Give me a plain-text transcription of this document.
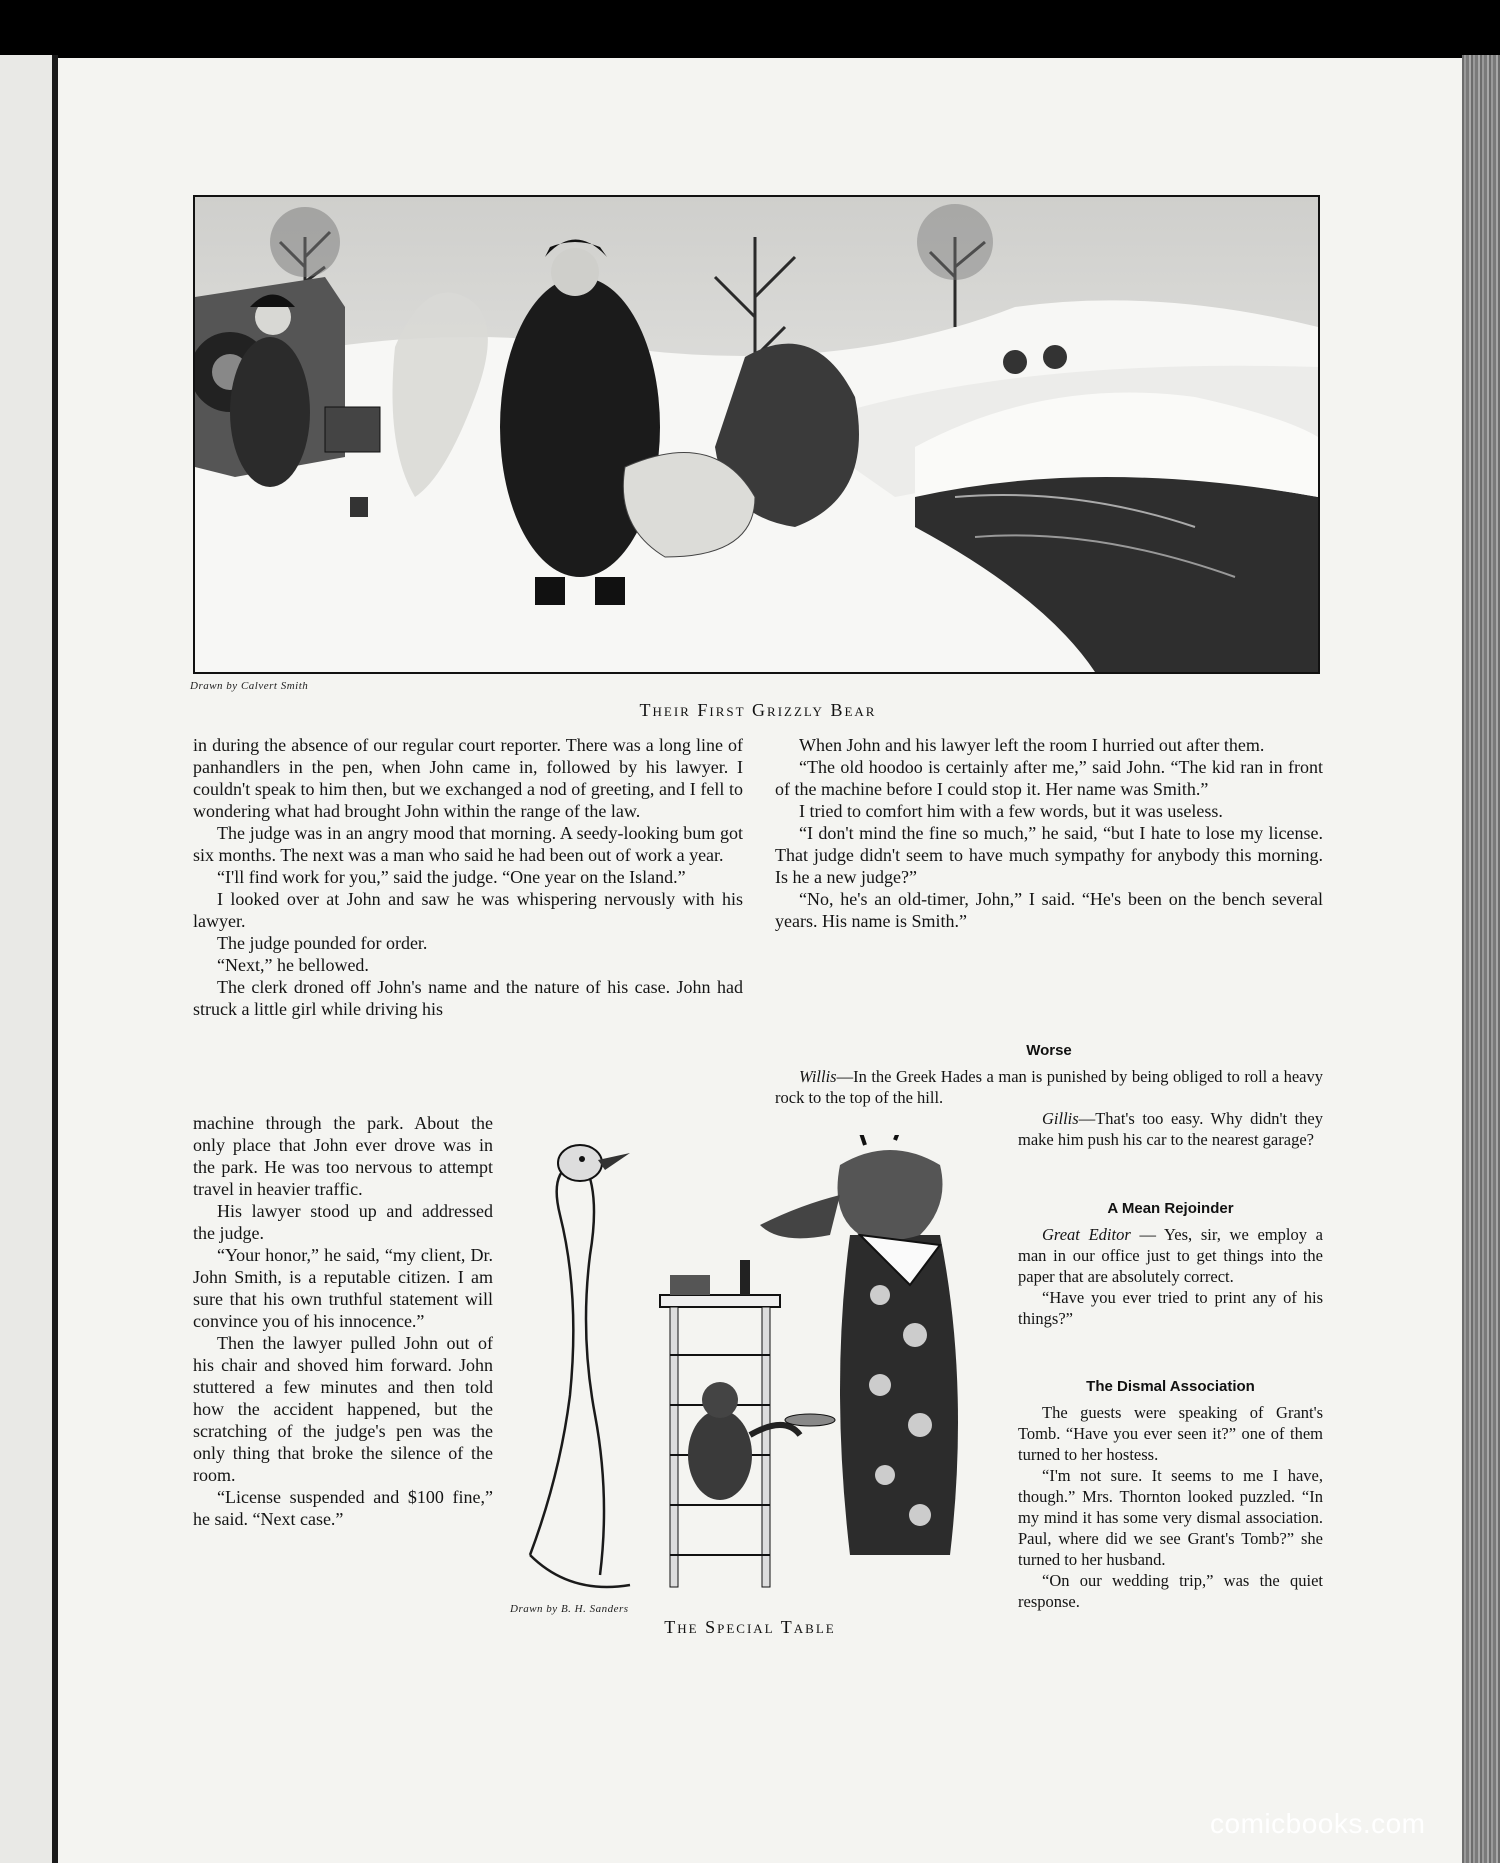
Drawn by Calvert Smith
Their First Grizzly Bear

in during the absence of our regular court reporter. There was a long line of panhandlers in the pen, when John came in, followed by his lawyer. I couldn't speak to him then, but we exchanged a nod of greeting, and I fell to wondering what had brought John within the range of the law.

The judge was in an angry mood that morning. A seedy-looking bum got six months. The next was a man who said he had been out of work a year.

“I'll find work for you,” said the judge. “One year on the Island.”

I looked over at John and saw he was whispering nervously with his lawyer.

The judge pounded for order.

“Next,” he bellowed.

The clerk droned off John's name and the nature of his case. John had struck a little girl while driving his

machine through the park. About the only place that John ever drove was in the park. He was too nervous to attempt travel in heavier traffic.

His lawyer stood up and addressed the judge.

“Your honor,” he said, “my client, Dr. John Smith, is a reputable citizen. I am sure that his own truthful statement will convince you of his innocence.”

Then the lawyer pulled John out of his chair and shoved him forward. John stuttered a few minutes and then told how the accident happened, but the scratching of the judge's pen was the only thing that broke the silence of the room.

“License suspended and $100 fine,” he said. “Next case.”

When John and his lawyer left the room I hurried out after them.

“The old hoodoo is certainly after me,” said John. “The kid ran in front of the machine before I could stop it. Her name was Smith.”

I tried to comfort him with a few words, but it was useless.

“I don't mind the fine so much,” he said, “but I hate to lose my license. That judge didn't seem to have much sympathy for anybody this morning. Is he a new judge?”

“No, he's an old-timer, John,” I said. “He's been on the bench several years. His name is Smith.”

Worse

Willis—In the Greek Hades a man is punished by being obliged to roll a heavy rock to the top of the hill.

Gillis—That's too easy. Why didn't they make him push his car to the nearest garage?

A Mean Rejoinder

Great Editor — Yes, sir, we employ a man in our office just to get things into the paper that are absolutely correct.

“Have you ever tried to print any of his things?”

The Dismal Association

The guests were speaking of Grant's Tomb. “Have you ever seen it?” one of them turned to her hostess.

“I'm not sure. It seems to me I have, though.” Mrs. Thornton looked puzzled. “In my mind it has some very dismal association. Paul, where did we see Grant's Tomb?” she turned to her husband.

“On our wedding trip,” was the quiet response.

Drawn by B. H. Sanders
The Special Table
comicbooks.com
